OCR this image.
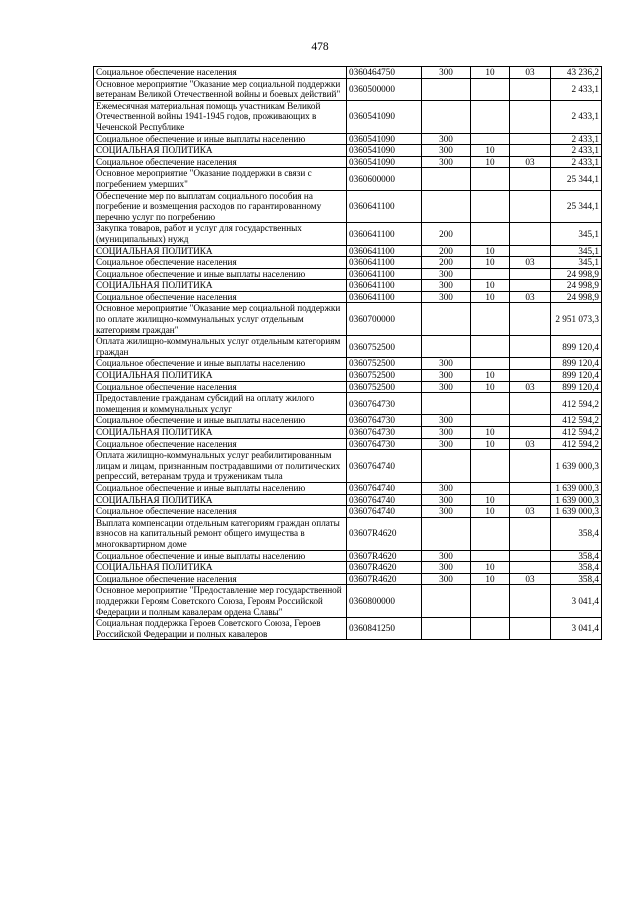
478
Социальное обеспечение населения	0360464750	300	10	03	43 236,2
Основное мероприятие "Оказание мер социальной поддержки ветеранам Великой Отечественной войны и боевых действий"	0360500000				2 433,1
Ежемесячная материальная помощь участникам Великой Отечественной войны 1941-1945 годов, проживающих в Чеченской Республике	0360541090				2 433,1
Социальное обеспечение и иные выплаты населению	0360541090	300			2 433,1
СОЦИАЛЬНАЯ ПОЛИТИКА	0360541090	300	10		2 433,1
Социальное обеспечение населения	0360541090	300	10	03	2 433,1
Основное мероприятие "Оказание поддержки в связи с погребением умерших"	0360600000				25 344,1
Обеспечение мер по выплатам социального пособия на погребение и возмещения расходов по гарантированному перечню услуг по погребению	0360641100				25 344,1
Закупка товаров, работ и услуг для государственных (муниципальных) нужд	0360641100	200			345,1
СОЦИАЛЬНАЯ ПОЛИТИКА	0360641100	200	10		345,1
Социальное обеспечение населения	0360641100	200	10	03	345,1
Социальное обеспечение и иные выплаты населению	0360641100	300			24 998,9
СОЦИАЛЬНАЯ ПОЛИТИКА	0360641100	300	10		24 998,9
Социальное обеспечение населения	0360641100	300	10	03	24 998,9
Основное мероприятие "Оказание мер социальной поддержки по оплате жилищно-коммунальных услуг отдельным категориям граждан"	0360700000				2 951 073,3
Оплата жилищно-коммунальных услуг отдельным категориям граждан	0360752500				899 120,4
Социальное обеспечение и иные выплаты населению	0360752500	300			899 120,4
СОЦИАЛЬНАЯ ПОЛИТИКА	0360752500	300	10		899 120,4
Социальное обеспечение населения	0360752500	300	10	03	899 120,4
Предоставление гражданам субсидий на оплату жилого помещения и коммунальных услуг	0360764730				412 594,2
Социальное обеспечение и иные выплаты населению	0360764730	300			412 594,2
СОЦИАЛЬНАЯ ПОЛИТИКА	0360764730	300	10		412 594,2
Социальное обеспечение населения	0360764730	300	10	03	412 594,2
Оплата жилищно-коммунальных услуг реабилитированным лицам и лицам, признанным пострадавшими от политических репрессий, ветеранам труда и труженикам тыла	0360764740				1 639 000,3
Социальное обеспечение и иные выплаты населению	0360764740	300			1 639 000,3
СОЦИАЛЬНАЯ ПОЛИТИКА	0360764740	300	10		1 639 000,3
Социальное обеспечение населения	0360764740	300	10	03	1 639 000,3
Выплата компенсации отдельным категориям граждан оплаты взносов на капитальный ремонт общего имущества в многоквартирном доме	03607R4620				358,4
Социальное обеспечение и иные выплаты населению	03607R4620	300			358,4
СОЦИАЛЬНАЯ ПОЛИТИКА	03607R4620	300	10		358,4
Социальное обеспечение населения	03607R4620	300	10	03	358,4
Основное мероприятие "Предоставление мер государственной поддержки Героям Советского Союза, Героям Российской Федерации и полным кавалерам ордена Славы"	0360800000				3 041,4
Социальная поддержка Героев Советского Союза, Героев Российской Федерации и полных кавалеров	0360841250				3 041,4
